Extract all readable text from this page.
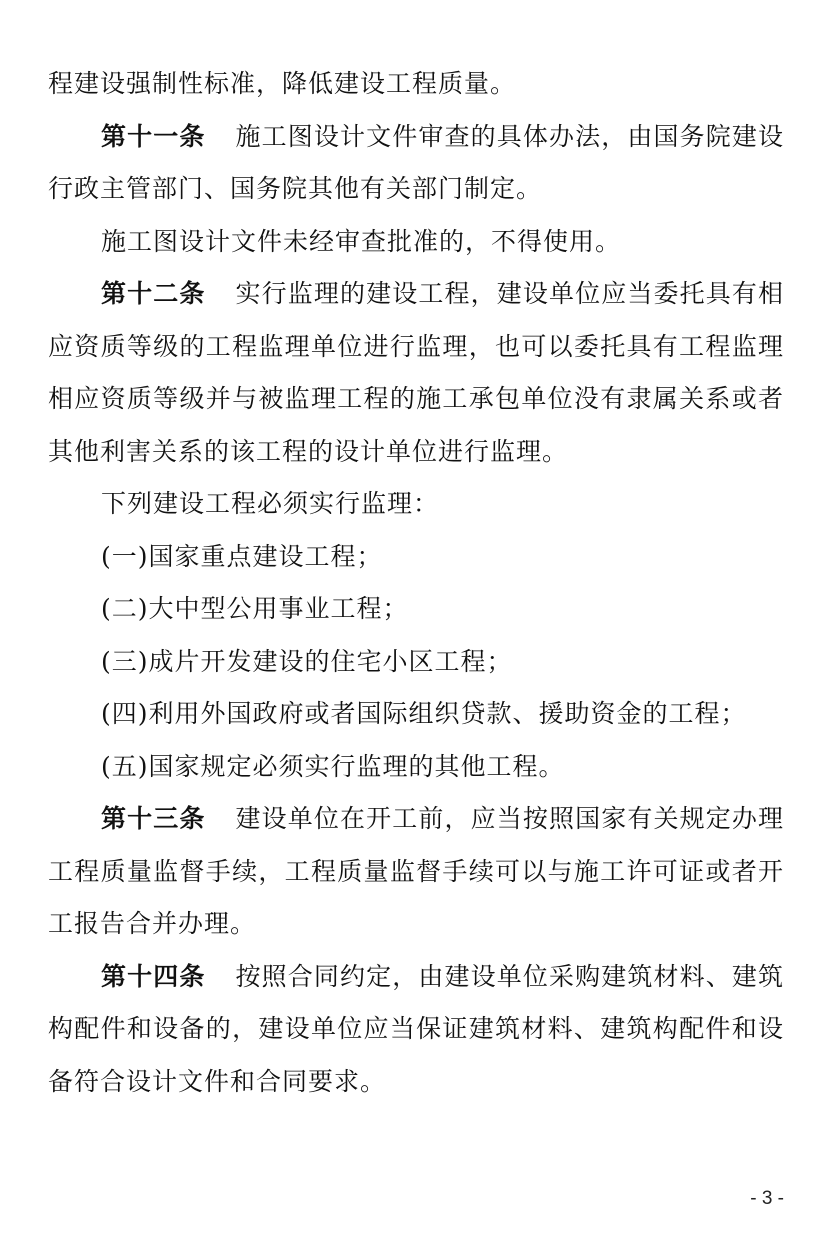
程建设强制性标准，降低建设工程质量。

第十一条 施工图设计文件审查的具体办法，由国务院建设行政主管部门、国务院其他有关部门制定。

施工图设计文件未经审查批准的，不得使用。

第十二条 实行监理的建设工程，建设单位应当委托具有相应资质等级的工程监理单位进行监理，也可以委托具有工程监理相应资质等级并与被监理工程的施工承包单位没有隶属关系或者其他利害关系的该工程的设计单位进行监理。

下列建设工程必须实行监理：

(一)国家重点建设工程；

(二)大中型公用事业工程；

(三)成片开发建设的住宅小区工程；

(四)利用外国政府或者国际组织贷款、援助资金的工程；

(五)国家规定必须实行监理的其他工程。

第十三条 建设单位在开工前，应当按照国家有关规定办理工程质量监督手续，工程质量监督手续可以与施工许可证或者开工报告合并办理。

第十四条 按照合同约定，由建设单位采购建筑材料、建筑构配件和设备的，建设单位应当保证建筑材料、建筑构配件和设备符合设计文件和合同要求。

- 3 -
